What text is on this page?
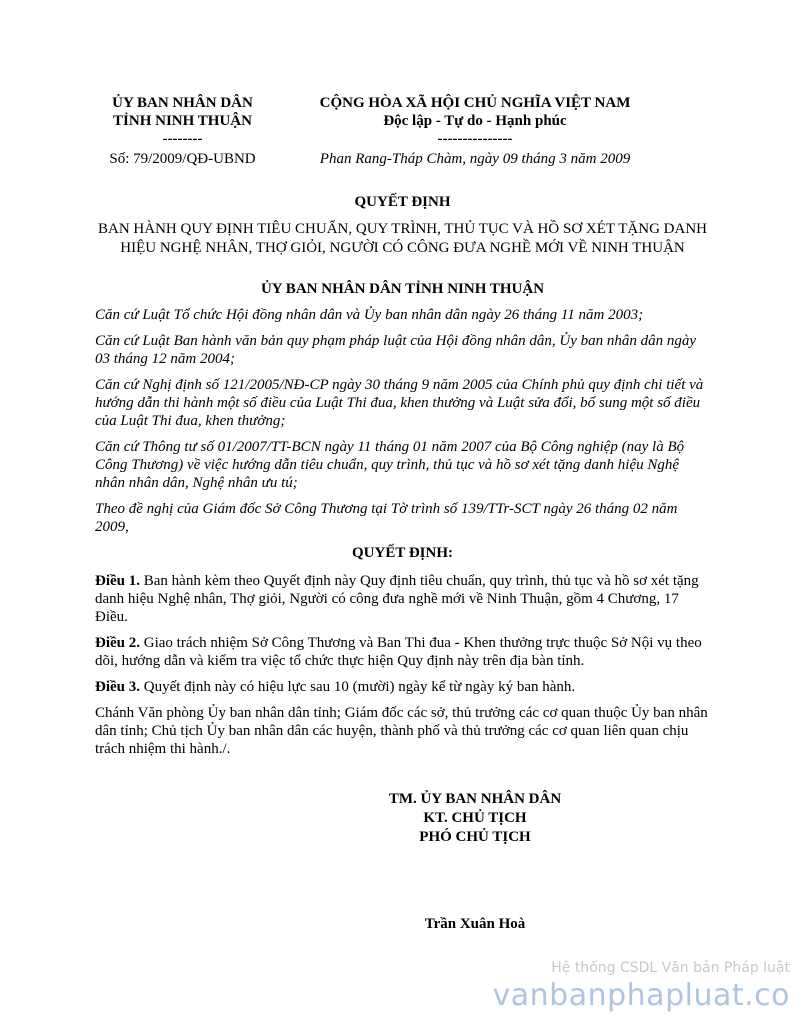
ỦY BAN NHÂN DÂN
TỈNH NINH THUẬN
--------
Số: 79/2009/QĐ-UBND
CỘNG HÒA XÃ HỘI CHỦ NGHĨA VIỆT NAM
Độc lập - Tự do - Hạnh phúc
---------------
Phan Rang-Tháp Chàm, ngày 09 tháng 3 năm 2009
QUYẾT ĐỊNH
BAN HÀNH QUY ĐỊNH TIÊU CHUẨN, QUY TRÌNH, THỦ TỤC VÀ HỒ SƠ XÉT TẶNG DANH HIỆU NGHỆ NHÂN, THỢ GIỎI, NGƯỜI CÓ CÔNG ĐƯA NGHỀ MỚI VỀ NINH THUẬN
ỦY BAN NHÂN DÂN TỈNH NINH THUẬN

Căn cứ Luật Tổ chức Hội đồng nhân dân và Ủy ban nhân dân ngày 26 tháng 11 năm 2003;

Căn cứ Luật Ban hành văn bản quy phạm pháp luật của Hội đồng nhân dân, Ủy ban nhân dân ngày 03 tháng 12 năm 2004;

Căn cứ Nghị định số 121/2005/NĐ-CP ngày 30 tháng 9 năm 2005 của Chính phủ quy định chi tiết và hướng dẫn thi hành một số điều của Luật Thi đua, khen thưởng và Luật sửa đổi, bổ sung một số điều của Luật Thi đua, khen thưởng;

Căn cứ Thông tư số 01/2007/TT-BCN ngày 11 tháng 01 năm 2007 của Bộ Công nghiệp (nay là Bộ Công Thương) về việc hướng dẫn tiêu chuẩn, quy trình, thủ tục và hồ sơ xét tặng danh hiệu Nghệ nhân nhân dân, Nghệ nhân ưu tú;

Theo đề nghị của Giám đốc Sở Công Thương tại Tờ trình số 139/TTr-SCT ngày 26 tháng 02 năm 2009,

QUYẾT ĐỊNH:

Điều 1. Ban hành kèm theo Quyết định này Quy định tiêu chuẩn, quy trình, thủ tục và hồ sơ xét tặng danh hiệu Nghệ nhân, Thợ giỏi, Người có công đưa nghề mới về Ninh Thuận, gồm 4 Chương, 17 Điều.

Điều 2. Giao trách nhiệm Sở Công Thương và Ban Thi đua - Khen thưởng trực thuộc Sở Nội vụ theo dõi, hướng dẫn và kiểm tra việc tổ chức thực hiện Quy định này trên địa bàn tỉnh.

Điều 3. Quyết định này có hiệu lực sau 10 (mười) ngày kể từ ngày ký ban hành.

Chánh Văn phòng Ủy ban nhân dân tỉnh; Giám đốc các sở, thủ trưởng các cơ quan thuộc Ủy ban nhân dân tỉnh; Chủ tịch Ủy ban nhân dân các huyện, thành phố và thủ trưởng các cơ quan liên quan chịu trách nhiệm thi hành./.

TM. ỦY BAN NHÂN DÂN
KT. CHỦ TỊCH
PHÓ CHỦ TỊCH
Trần Xuân Hoà
Hệ thống CSDL Văn bản Pháp luật
vanbanphapluat.co
